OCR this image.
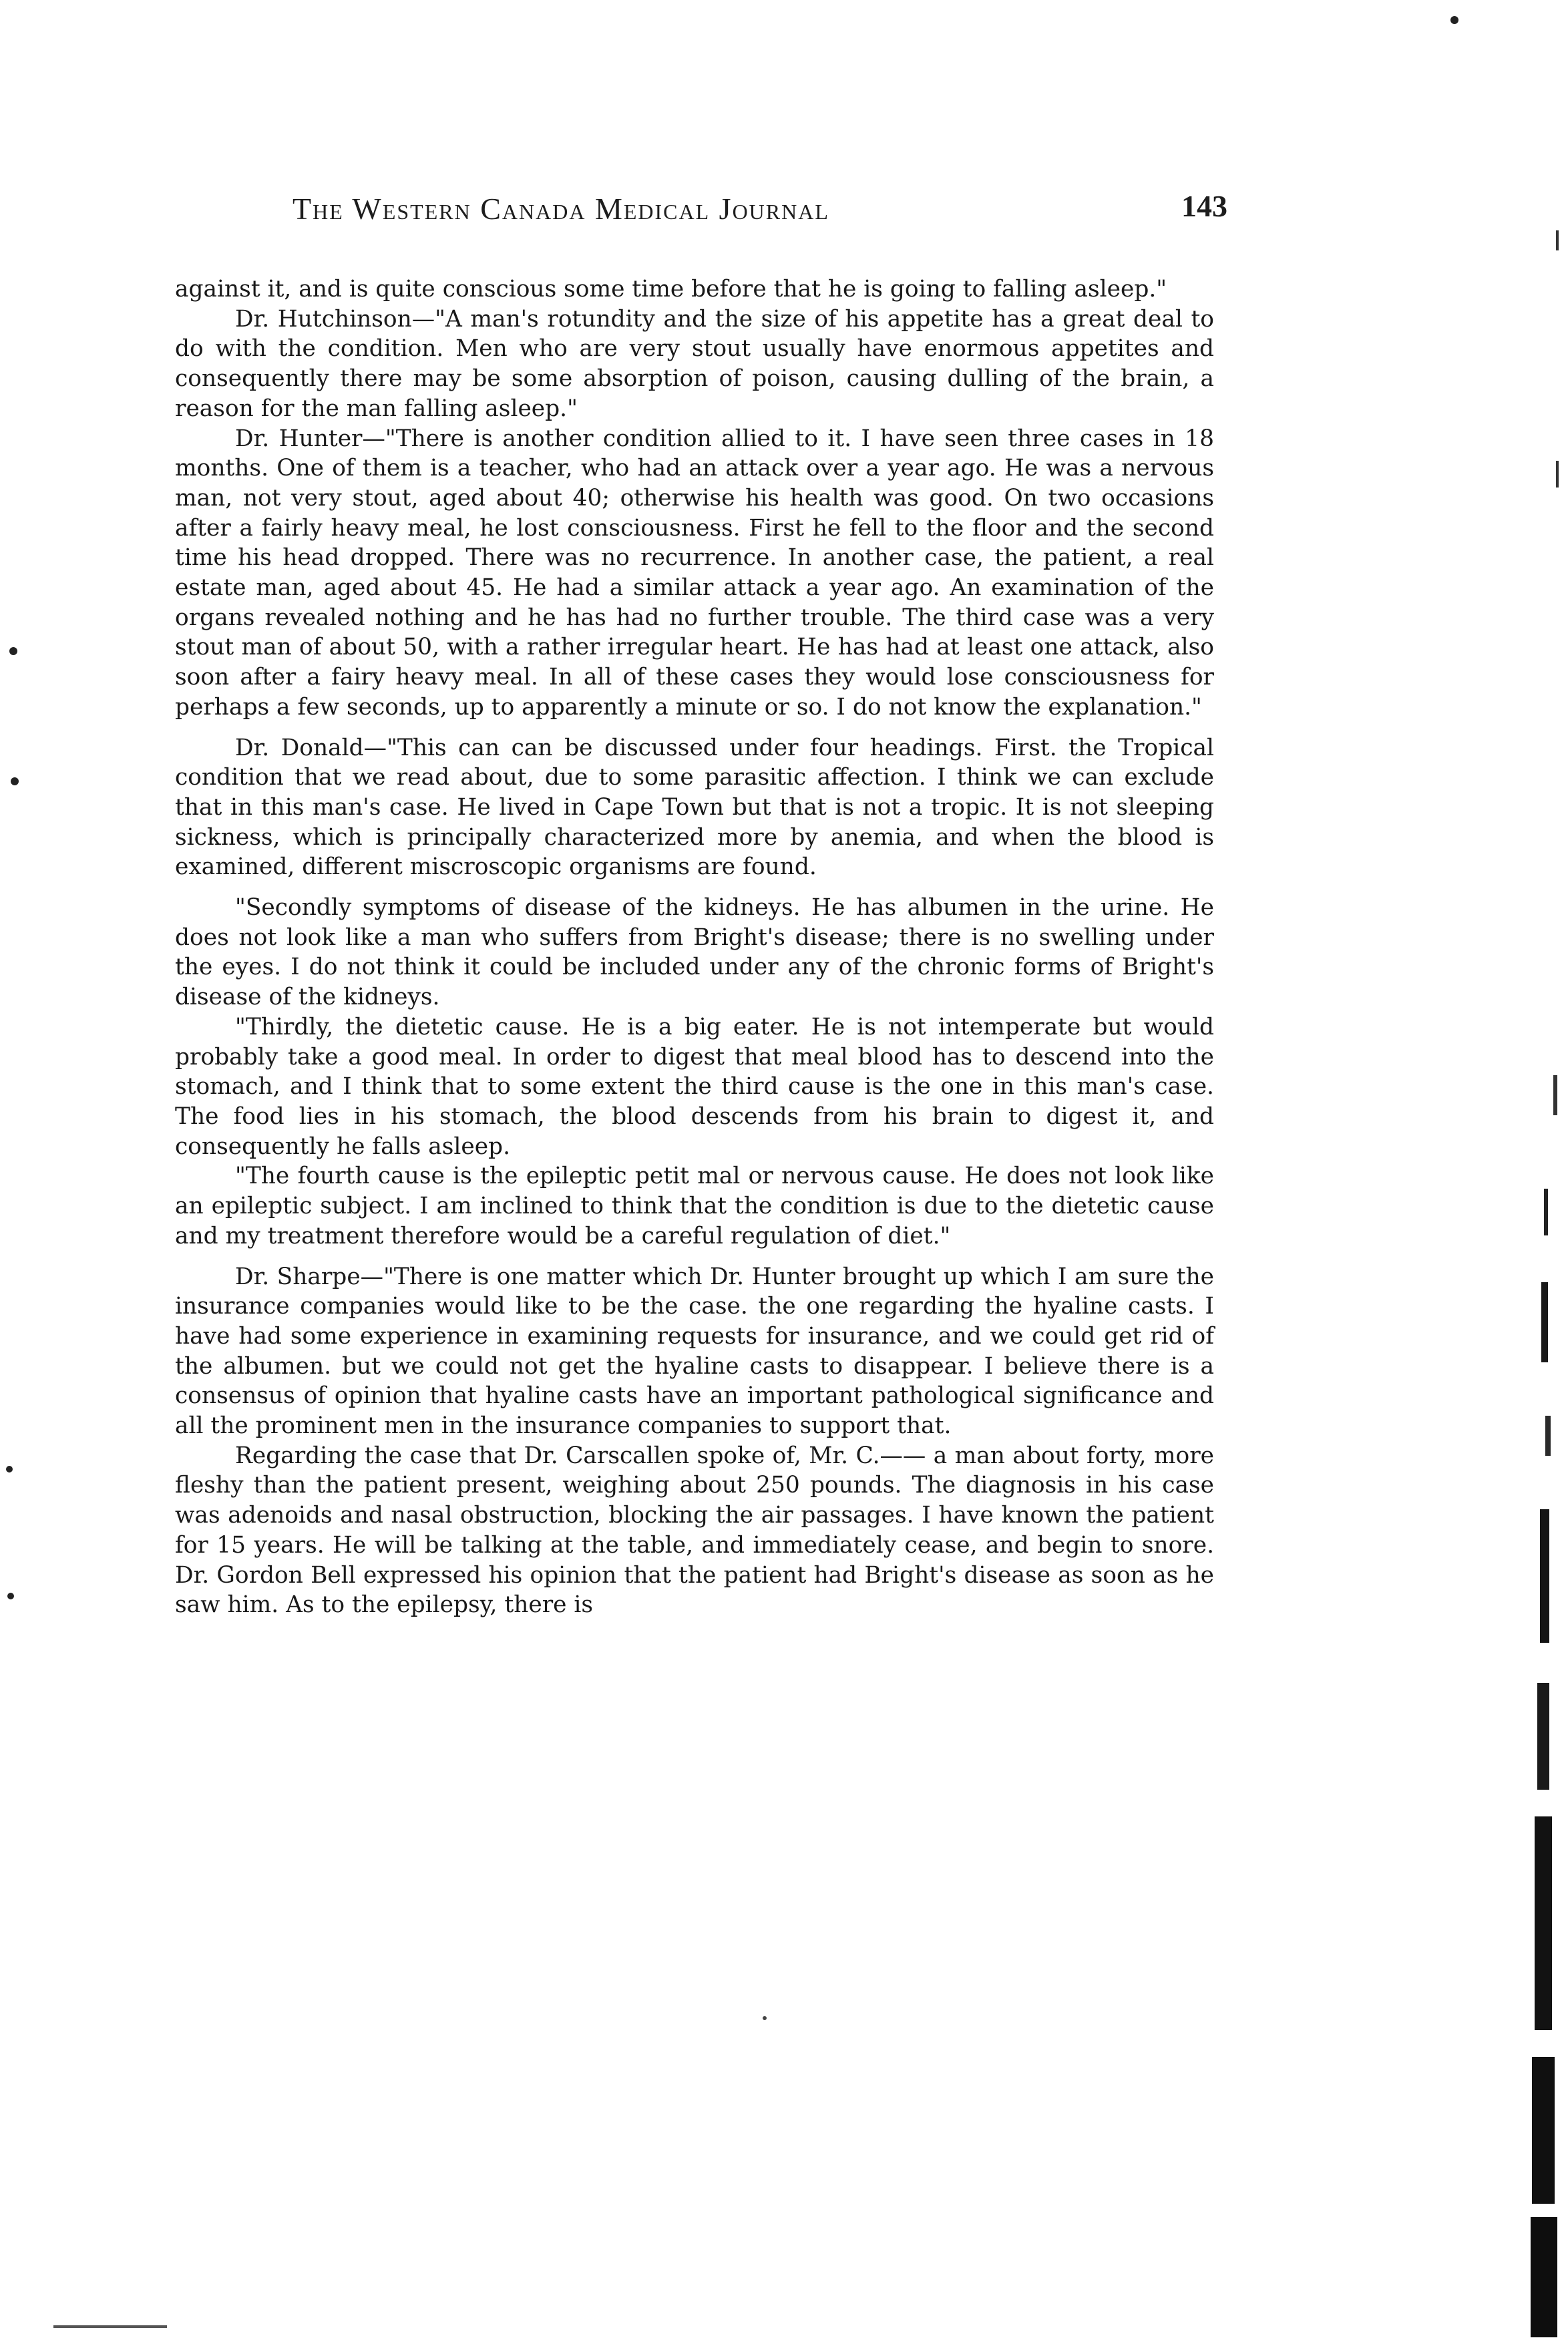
The Western Canada Medical Journal	143

against it, and is quite conscious some time before that he is going to falling asleep."

Dr. Hutchinson—"A man's rotundity and the size of his appetite has a great deal to do with the condition. Men who are very stout usually have enormous appetites and consequently there may be some absorption of poison, causing dulling of the brain, a reason for the man falling asleep."

Dr. Hunter—"There is another condition allied to it. I have seen three cases in 18 months. One of them is a teacher, who had an attack over a year ago. He was a nervous man, not very stout, aged about 40; otherwise his health was good. On two occasions after a fairly heavy meal, he lost consciousness. First he fell to the floor and the second time his head dropped. There was no recurrence. In another case, the patient, a real estate man, aged about 45. He had a similar attack a year ago. An examination of the organs revealed nothing and he has had no further trouble. The third case was a very stout man of about 50, with a rather irregular heart. He has had at least one attack, also soon after a fairy heavy meal. In all of these cases they would lose consciousness for perhaps a few seconds, up to apparently a minute or so. I do not know the explanation."

Dr. Donald—"This can can be discussed under four headings. First. the Tropical condition that we read about, due to some parasitic affection. I think we can exclude that in this man's case. He lived in Cape Town but that is not a tropic. It is not sleeping sickness, which is principally characterized more by anemia, and when the blood is examined, different miscroscopic organisms are found.

"Secondly symptoms of disease of the kidneys. He has albumen in the urine. He does not look like a man who suffers from Bright's disease; there is no swelling under the eyes. I do not think it could be included under any of the chronic forms of Bright's disease of the kidneys.

"Thirdly, the dietetic cause. He is a big eater. He is not intemperate but would probably take a good meal. In order to digest that meal blood has to descend into the stomach, and I think that to some extent the third cause is the one in this man's case. The food lies in his stomach, the blood descends from his brain to digest it, and consequently he falls asleep.

"The fourth cause is the epileptic petit mal or nervous cause. He does not look like an epileptic subject. I am inclined to think that the condition is due to the dietetic cause and my treatment therefore would be a careful regulation of diet."

Dr. Sharpe—"There is one matter which Dr. Hunter brought up which I am sure the insurance companies would like to be the case. the one regarding the hyaline casts. I have had some experience in examining requests for insurance, and we could get rid of the albumen. but we could not get the hyaline casts to disappear. I believe there is a consensus of opinion that hyaline casts have an important pathological significance and all the prominent men in the insurance companies to support that.

Regarding the case that Dr. Carscallen spoke of, Mr. C.—— a man about forty, more fleshy than the patient present, weighing about 250 pounds. The diagnosis in his case was adenoids and nasal obstruction, blocking the air passages. I have known the patient for 15 years. He will be talking at the table, and immediately cease, and begin to snore. Dr. Gordon Bell expressed his opinion that the patient had Bright's disease as soon as he saw him. As to the epilepsy, there is
